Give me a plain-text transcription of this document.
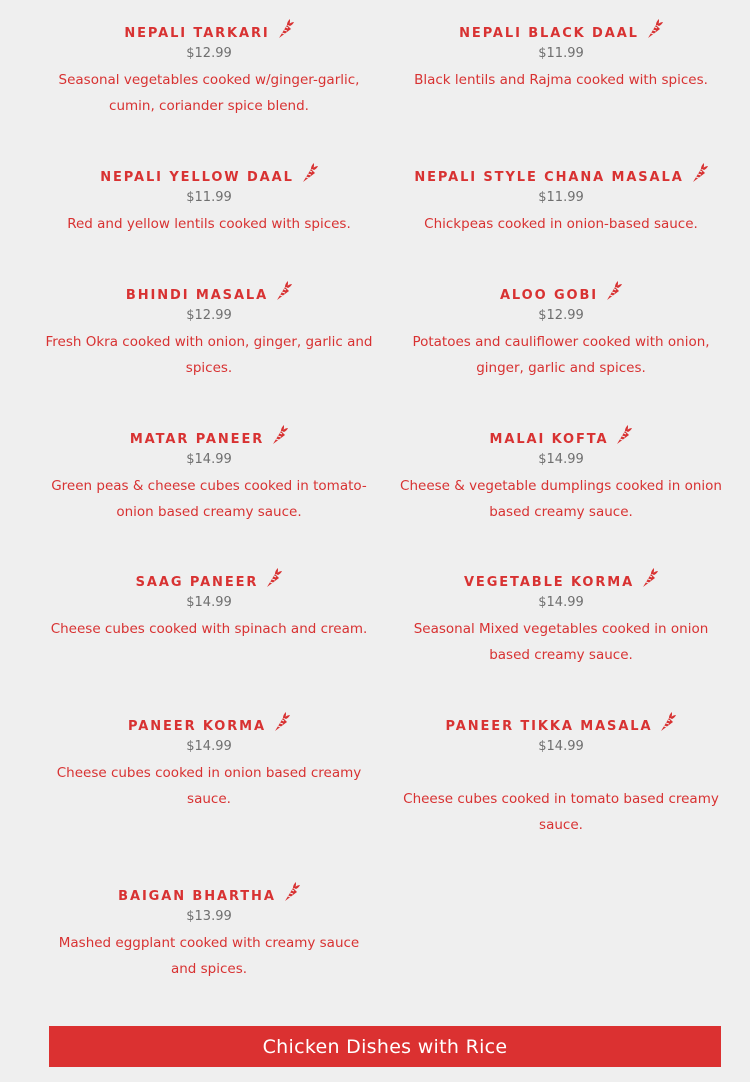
NEPALI TARKARI
$12.99
Seasonal vegetables cooked w/ginger-garlic, cumin, coriander spice blend.
NEPALI BLACK DAAL
$11.99
Black lentils and Rajma cooked with spices.
NEPALI YELLOW DAAL
$11.99
Red and yellow lentils cooked with spices.
NEPALI STYLE CHANA MASALA
$11.99
Chickpeas cooked in onion-based sauce.
BHINDI MASALA
$12.99
Fresh Okra cooked with onion, ginger, garlic and spices.
ALOO GOBI
$12.99
Potatoes and cauliflower cooked with onion, ginger, garlic and spices.
MATAR PANEER
$14.99
Green peas & cheese cubes cooked in tomato-onion based creamy sauce.
MALAI KOFTA
$14.99
Cheese & vegetable dumplings cooked in onion based creamy sauce.
SAAG PANEER
$14.99
Cheese cubes cooked with spinach and cream.
VEGETABLE KORMA
$14.99
Seasonal Mixed vegetables cooked in onion based creamy sauce.
PANEER KORMA
$14.99
Cheese cubes cooked in onion based creamy sauce.
PANEER TIKKA MASALA
$14.99
Cheese cubes cooked in tomato based creamy sauce.
BAIGAN BHARTHA
$13.99
Mashed eggplant cooked with creamy sauce and spices.
Chicken Dishes with Rice
